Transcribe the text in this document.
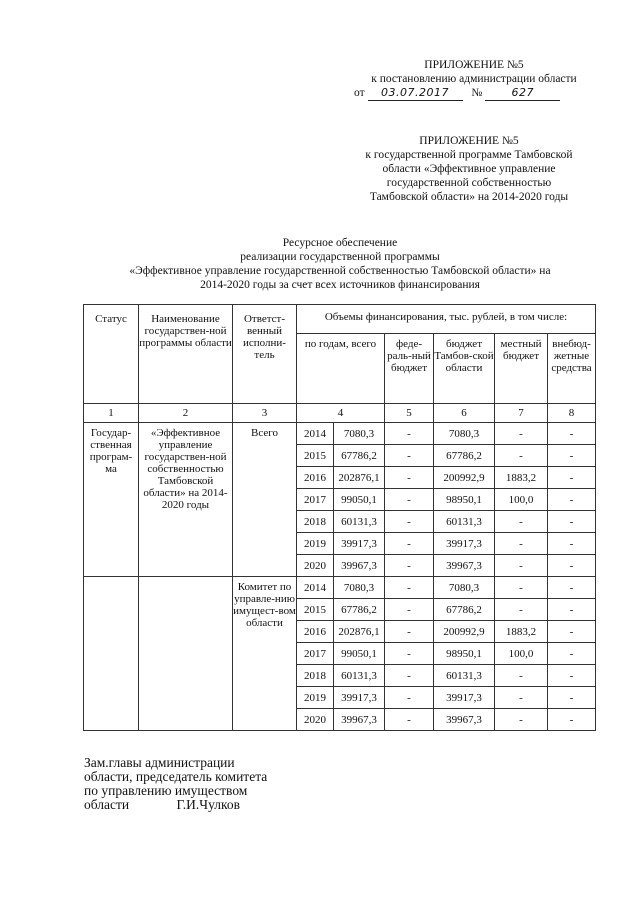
ПРИЛОЖЕНИЕ №5
к постановлению администрации области
от 03.07.2017 №	627
ПРИЛОЖЕНИЕ №5
к государственной программе Тамбовской
области «Эффективное управление
государственной собственностью
Тамбовской области» на 2014-2020 годы
Ресурсное обеспечение
реализации государственной программы
«Эффективное управление государственной собственностью Тамбовской области» на
2014-2020 годы за счет всех источников финансирования
Статус	Наименование государствен-ной программы области	Ответст-венный исполни-тель	Объемы финансирования, тыс. рублей, в том числе:					
			по годам, всего		феде-раль-ный бюджет	бюджет Тамбов-ской области	местный бюджет	внебюд-жетные средства
1	2	3	4		5	6	7	8
Государ-ственная програм-ма	«Эффективное управление государствен-ной собственностью Тамбовской области» на 2014-2020 годы	Всего	2014	7080,3	-	7080,3	-	-
			2015	67786,2	-	67786,2	-	-
			2016	202876,1	-	200992,9	1883,2	-
			2017	99050,1	-	98950,1	100,0	-
			2018	60131,3	-	60131,3	-	-
			2019	39917,3	-	39917,3	-	-
			2020	39967,3	-	39967,3	-	-
		Комитет по управле-нию имущест-вом области	2014	7080,3	-	7080,3	-	-
			2015	67786,2	-	67786,2	-	-
			2016	202876,1	-	200992,9	1883,2	-
			2017	99050,1	-	98950,1	100,0	-
			2018	60131,3	-	60131,3	-	-
			2019	39917,3	-	39917,3	-	-
			2020	39967,3	-	39967,3	-	-
Зам.главы администрации
области, председатель комитета
по управлению имуществом
области	Г.И.Чулков
